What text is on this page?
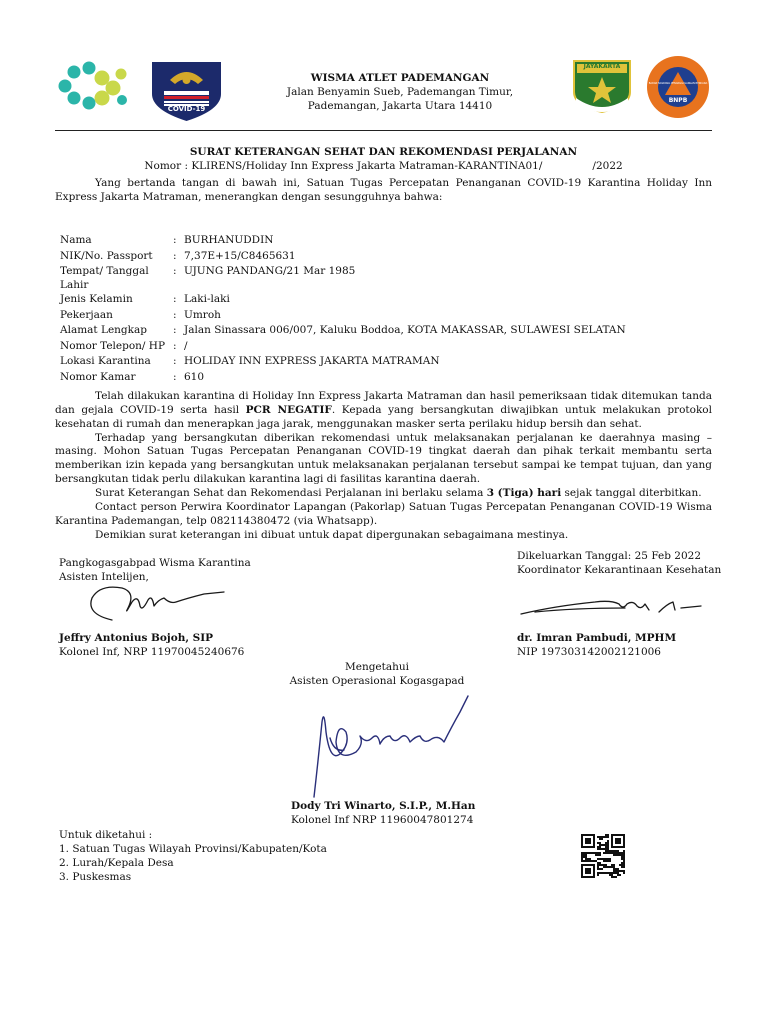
COVID-19
JAYAKARTA
BNPB
BADAN NASIONAL PENANGGULANGAN BENCANA
WISMA ATLET PADEMANGAN
Jalan Benyamin Sueb, Pademangan Timur,
Pademangan, Jakarta Utara 14410
SURAT KETERANGAN SEHAT DAN REKOMENDASI PERJALANAN
Nomor : KLIRENS/Holiday Inn Express Jakarta Matraman-KARANTINA01/               /2022

Yang bertanda tangan di bawah ini, Satuan Tugas Percepatan Penanganan COVID-19 Karantina Holiday Inn Express Jakarta Matraman, menerangkan dengan sesungguhnya bahwa:

Nama	:	BURHANUDDIN
NIK/No. Passport	:	7,37E+15/C8465631
Tempat/ Tanggal Lahir	:	UJUNG PANDANG/21 Mar 1985
Jenis Kelamin	:	Laki-laki
Pekerjaan	:	Umroh
Alamat Lengkap	:	Jalan Sinassara 006/007, Kaluku Boddoa, KOTA MAKASSAR, SULAWESI SELATAN
Nomor Telepon/ HP	:	/
Lokasi Karantina	:	HOLIDAY INN EXPRESS JAKARTA MATRAMAN
Nomor Kamar	:	610

Telah dilakukan karantina di Holiday Inn Express Jakarta Matraman dan hasil pemeriksaan tidak ditemukan tanda dan gejala COVID-19 serta hasil PCR NEGATIF. Kepada yang bersangkutan diwajibkan untuk melakukan protokol kesehatan di rumah dan menerapkan jaga jarak, menggunakan masker serta perilaku hidup bersih dan sehat.

Terhadap yang bersangkutan diberikan rekomendasi untuk melaksanakan perjalanan ke daerahnya masing – masing. Mohon Satuan Tugas Percepatan Penanganan COVID-19 tingkat daerah dan pihak terkait membantu serta memberikan izin kepada yang bersangkutan untuk melaksanakan perjalanan tersebut sampai ke tempat tujuan, dan yang bersangkutan tidak perlu dilakukan karantina lagi di fasilitas karantina daerah.

Surat Keterangan Sehat dan Rekomendasi Perjalanan ini berlaku selama 3 (Tiga) hari sejak tanggal diterbitkan.

Contact person Perwira Koordinator Lapangan (Pakorlap) Satuan Tugas Percepatan Penanganan COVID-19 Wisma Karantina Pademangan, telp 082114380472 (via Whatsapp).

Demikian surat keterangan ini dibuat untuk dapat dipergunakan sebagaimana mestinya.

Pangkogasgabpad Wisma Karantina
Asisten Intelijen,
Jeffry Antonius Bojoh, SIP
Kolonel Inf, NRP 11970045240676
Dikeluarkan Tanggal: 25 Feb 2022
Koordinator Kekarantinaan Kesehatan
dr. Imran Pambudi, MPHM
NIP 197303142002121006
Mengetahui
Asisten Operasional Kogasgapad
Dody Tri Winarto, S.I.P., M.Han
Kolonel Inf NRP 11960047801274
Untuk diketahui :
1. Satuan Tugas Wilayah Provinsi/Kabupaten/Kota
2. Lurah/Kepala Desa
3. Puskesmas
